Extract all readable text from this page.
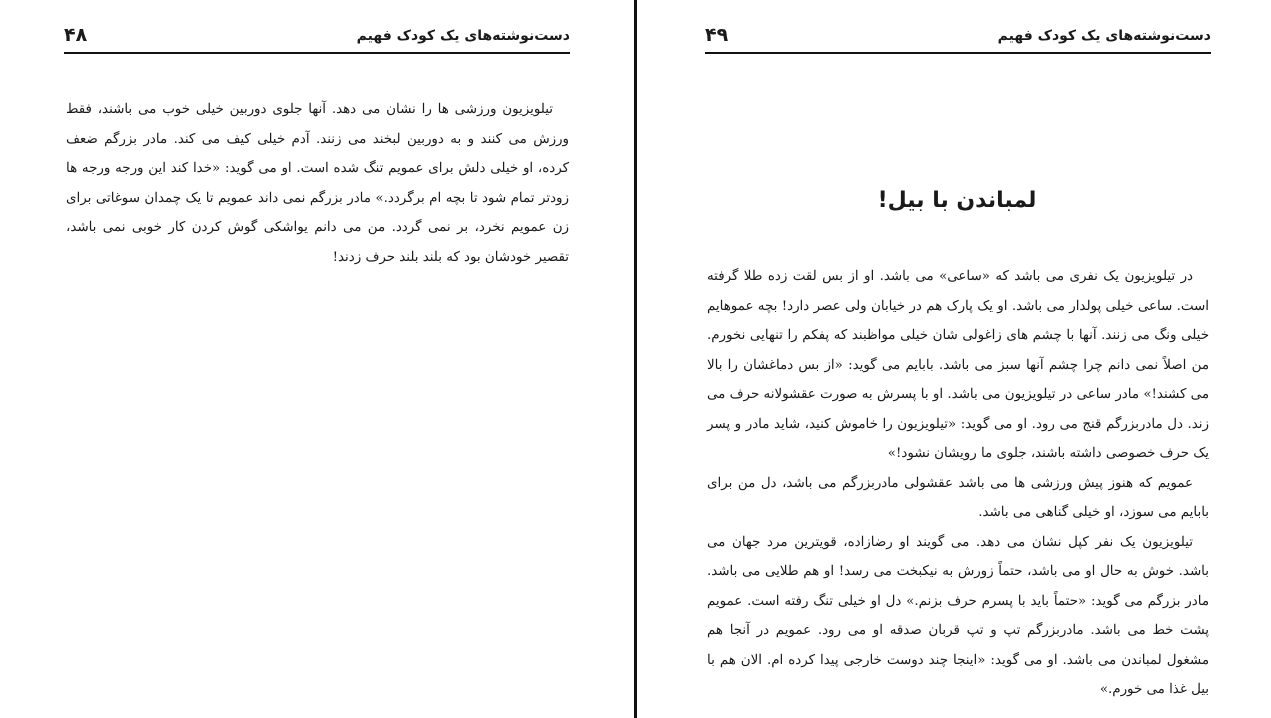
دست‌نوشته‌های یک کودک فهیم
۴۸

تیلویزیون ورزشی ها را نشان می دهد. آنها جلوی دوربین خیلی خوب می باشند، فقط ورزش می کنند و به دوربین لبخند می زنند. آدم خیلی کیف می کند. مادر بزرگم ضعف کرده، او خیلی دلش برای عمویم تنگ شده است. او می گوید: «خدا کند این ورجه ورجه ها زودتر تمام شود تا بچه ام برگردد.» مادر بزرگم نمی داند عمویم تا یک چمدان سوغاتی برای زن عمویم نخرد، بر نمی گردد. من می دانم یواشکی گوش کردن کار خوبی نمی باشد، تقصیر خودشان بود که بلند بلند حرف زدند!

دست‌نوشته‌های یک کودک فهیم
۴۹
لمباندن با بیل!

در تیلویزیون یک نفری می باشد که «ساعی» می باشد. او از بس لقت زده طلا گرفته است. ساعی خیلی پولدار می باشد. او یک پارک هم در خیابان ولی عصر دارد! بچه عموهایم خیلی ونگ می زنند. آنها با چشم های زاغولی شان خیلی مواظبند که پفکم را تنهایی نخورم. من اصلاً نمی دانم چرا چشم آنها سبز می باشد. بابایم می گوید: «از بس دماغشان را بالا می کشند!» مادر ساعی در تیلویزیون می باشد. او با پسرش به صورت عقشولانه حرف می زند. دل مادربزرگم قنج می رود. او می گوید: «تیلویزیون را خاموش کنید، شاید مادر و پسر یک حرف خصوصی داشته باشند، جلوی ما رویشان نشود!»

عمویم که هنوز پیش ورزشی ها می باشد عقشولی مادربزرگم می باشد، دل من برای بابایم می سوزد، او خیلی گناهی می باشد.

تیلویزیون یک نفر کپل نشان می دهد. می گویند او رضازاده، قویترین مرد جهان می باشد. خوش به حال او می باشد، حتماً زورش به نیکبخت می رسد! او هم طلایی می باشد. مادر بزرگم می گوید: «حتماً باید با پسرم حرف بزنم.» دل او خیلی تنگ رفته است. عمویم پشت خط می باشد. مادربزرگم تپ و تپ قربان صدقه او می رود. عمویم در آنجا هم مشغول لمباندن می باشد. او می گوید: «اینجا چند دوست خارجی پیدا کرده ام. الان هم با بیل غذا می خورم.»
